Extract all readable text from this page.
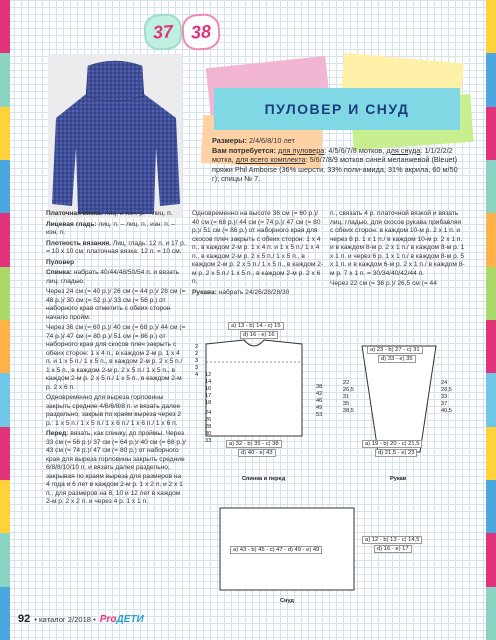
37 38
ПУЛОВЕР И СНУД
Размеры: 2/4/6/8/10 лет
Вам потребуется: для пуловера: 4/5/6/7/8 мотков, для снуда: 1/1/2/2/2 мотка, для всего комплекта: 5/6/7/8/9 мотков синей меланжевой (Bleuet) пряжи Phil Amboise (36% шерсти, 33% поли-амида, 31% акрила, 60 м/50 г); спицы № 7.

Платочная вязка: лиц. и изн. р. – лиц. п.

Лицевая гладь: лиц. п. – лиц. п., изн. п. – изн. п.

Плотность вязания. Лиц. гладь: 12 п. и 17 р. = 10 х 10 см; платочная вязка: 12 п. = 10 см.

Пуловер

Спинка: набрать 40/44/48/50/54 п. и вязать лиц. гладью.

Через 24 см (= 40 р.)/ 26 см (= 44 р.)/ 28 см (= 48 р.)/ 30 см (= 52 р.)/ 33 см (= 56 р.) от наборного края отметить с обеих сторон начало пройм.

Через 36 см (= 60 р.)/ 40 см (= 68 р.)/ 44 см (= 74 р.)/ 47 см (= 80 р.)/ 51 см (= 86 р.) от наборного края для скосов плеч закрыть с обеих сторон: 1 х 4 п., в каждом 2-м р. 1 х 4 п. и 1 х 5 п./ 1 х 5 п., в каждом 2-м р. 2 х 5 п./ 1 х 5 п., в каждом 2-м р. 2 х 5 п./ 1 х 5 п., в каждом 2-м р. 2 х 5 п./ 1 х 5 п., в каждом 2-м р. 2 х 6 п.

Одновременно для выреза горловины закрыть средние 4/6/6/8/8 п. и вязать далее раздельно, закрыв по краям выреза через 2 р.: 1 х 5 п./ 1 х 5 п./ 1 х 6 п./ 1 х 6 п./ 1 х 6 п.

Перед: вязать, как спинку, до проймы. Через 33 см (= 56 р.)/ 37 см (= 64 р.)/ 40 см (= 68 р.)/ 43 см (= 74 р.)/ 47 см (= 80 р.) от наборного края для выреза горловины закрыть средние 6/8/8/10/10 п. и вязать далее раздельно, закрывая по краям выреза для размеров на 4 года и 6 лет в каждом 2-м р. 1 х 2 п. и 2 х 1 п.; для размеров на 8, 10 и 12 лет в каждом 2-м р. 2 х 2 п. и через 4 р. 1 х 1 п.

Одновременно на высоте 36 см (= 60 р.)/ 40 см (= 68 р.)/ 44 см (= 74 р.)/ 47 см (= 80 р.)/ 51 см (= 86 р.) от наборного края для скосов плеч закрыть с обеих сторон: 1 х 4 п., в каждом 2-м р. 1 х 4 п. и 1 х 5 п./ 1 х 4 п., в каждом 2-м р. 2 х 5 п./ 1 х 5 п., в каждом 2-м р. 2 х 5 п./ 1 х 5 п., в каждом 2-м р. 2 х 5 п./ 1 х 5 п., в каждом 2-м р. 2 х 6 п.

Рукава: набрать 24/26/28/28/30

п., связать 4 р. платочной вязкой и вязать лиц. гладью, для скосов рукава прибавляя с обеих сторон: в каждом 10-м р. 2 х 1 п. и через 8 р. 1 х 1 п./ в каждом 10-м р. 2 х 1 п. и в каждом 8-м р. 2 х 1 п./ в каждом 8-м р. 1 х 1 п. и через 6 р. 1 х 1 п./ в каждом 8-м р. 5 х 1 п. и в каждом 6-м р. 2 х 1 п./ в каждом 8-м р. 7 х 1 п. = 30/34/40/42/44 п.

Через 22 см (= 36 р.)/ 26,5 см (= 44

a) 13 - b) 14 - c) 15
d) 16 - e) 16
2
2
3
3
4 12
14
16
17
18
24
26
28
30
33
38
42
46
49
53
a) 32 - b) 35 - c) 38
d) 40 - e) 43
Спинка и перед
a) 23 - b) 27 - c) 31
d) 33 - e) 35
22
26,5
31
35
38,5
24
28,5
33
37
40,5
a) 19 - b) 20 - c) 21,5
d) 21,5 - e) 23
Рукав
a) 43 - b) 45 - c) 47 - d) 49 - e) 49
a) 12 - b) 13 - c) 14,5
d) 16 - e) 17
Снуд
92 • каталог 2/2018 • ProДЕТИ
